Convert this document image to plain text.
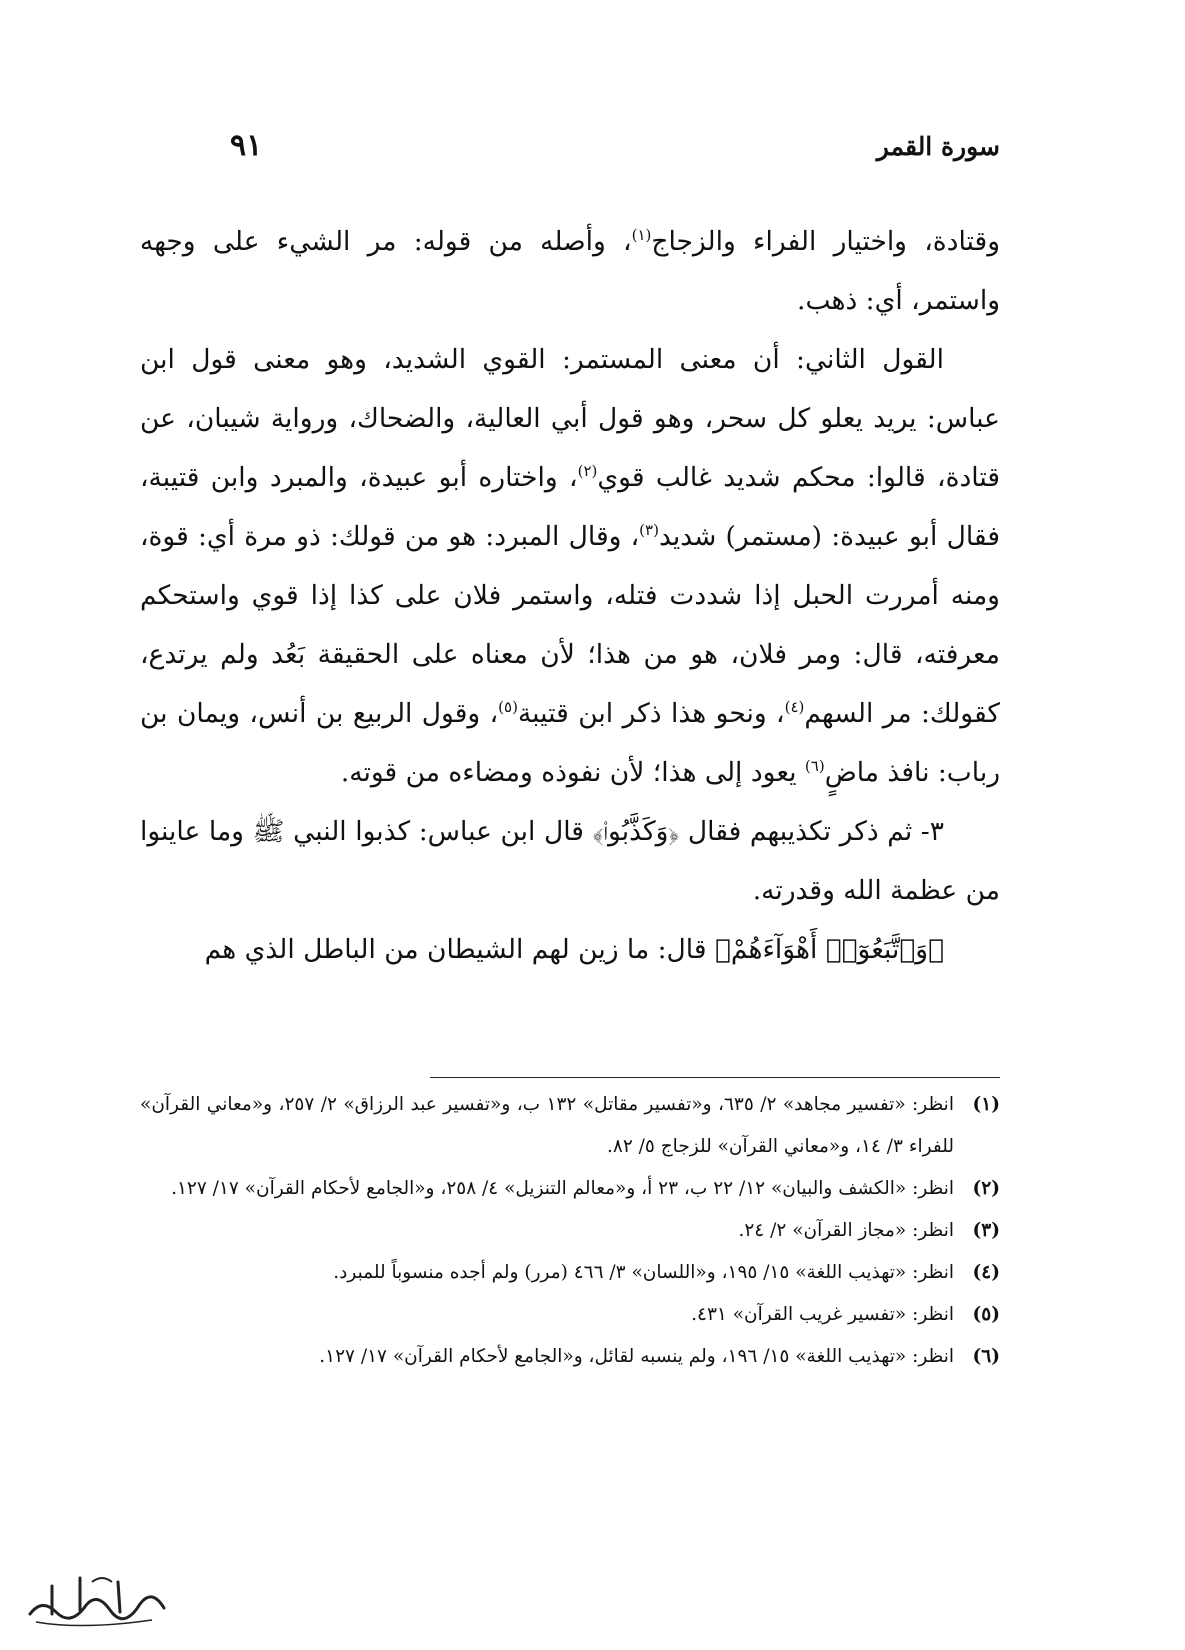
سورة القمر
٩١

وقتادة، واختيار الفراء والزجاج$^{(١)}$، وأصله من قوله: مر الشيء على وجهه واستمر، أي: ذهب.

القول الثاني: أن معنى المستمر: القوي الشديد، وهو معنى قول ابن عباس: يريد يعلو كل سحر، وهو قول أبي العالية، والضحاك، ورواية شيبان، عن قتادة، قالوا: محكم شديد غالب قوي$^{(٢)}$، واختاره أبو عبيدة، والمبرد وابن قتيبة، فقال أبو عبيدة: (مستمر) شديد$^{(٣)}$، وقال المبرد: هو من قولك: ذو مرة أي: قوة، ومنه أمررت الحبل إذا شددت فتله، واستمر فلان على كذا إذا قوي واستحكم معرفته، قال: ومر فلان، هو من هذا؛ لأن معناه على الحقيقة بَعُد ولم يرتدع، كقولك: مر السهم$^{(٤)}$، ونحو هذا ذكر ابن قتيبة$^{(٥)}$، وقول الربيع بن أنس، ويمان بن رباب: نافذ ماضٍ$^{(٦)}$ يعود إلى هذا؛ لأن نفوذه ومضاءه من قوته.

٣- ثم ذكر تكذيبهم فقال ﴿وَكَذَّبُوا۟﴾ قال ابن عباس: كذبوا النبي ﷺ وما عاينوا من عظمة الله وقدرته.

﴿وَٱتَّبَعُوٓا۟ أَهْوَآءَهُمْ﴾ قال: ما زين لهم الشيطان من الباطل الذي هم

(١)
انظر: «تفسير مجاهد» ٢/ ٦٣٥، و«تفسير مقاتل» ١٣٢ ب، و«تفسير عبد الرزاق» ٢/ ٢٥٧، و«معاني القرآن» للفراء ٣/ ١٤، و«معاني القرآن» للزجاج ٥/ ٨٢.
(٢)
انظر: «الكشف والبيان» ١٢/ ٢٢ ب، ٢٣ أ، و«معالم التنزيل» ٤/ ٢٥٨، و«الجامع لأحكام القرآن» ١٧/ ١٢٧.
(٣)
انظر: «مجاز القرآن» ٢/ ٢٤.
(٤)
انظر: «تهذيب اللغة» ١٥/ ١٩٥، و«اللسان» ٣/ ٤٦٦ (مرر) ولم أجده منسوباً للمبرد.
(٥)
انظر: «تفسير غريب القرآن» ٤٣١.
(٦)
انظر: «تهذيب اللغة» ١٥/ ١٩٦، ولم ينسبه لقائل، و«الجامع لأحكام القرآن» ١٧/ ١٢٧.
